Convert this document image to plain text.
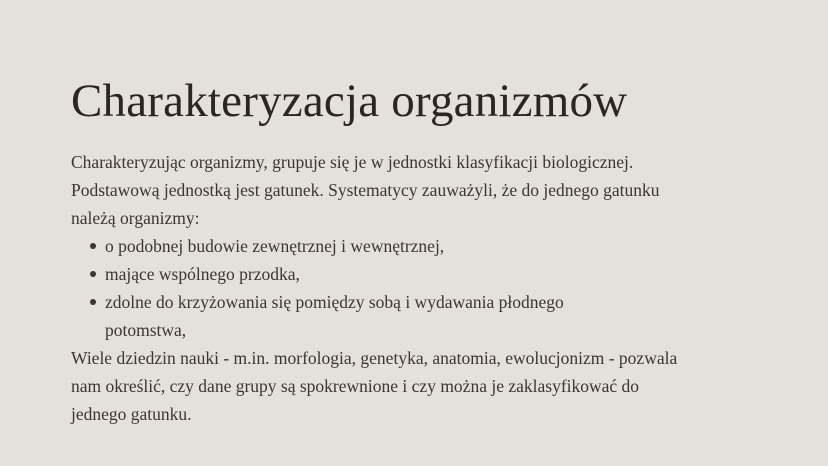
Charakteryzacja organizmów

Charakteryzując organizmy, grupuje się je w jednostki klasyfikacji biologicznej. Podstawową jednostką jest gatunek. Systematycy zauważyli, że do jednego gatunku należą organizmy:

o podobnej budowie zewnętrznej i wewnętrznej,
mające wspólnego przodka,
zdolne do krzyżowania się pomiędzy sobą i wydawania płodnego potomstwa,

Wiele dziedzin nauki - m.in. morfologia, genetyka, anatomia, ewolucjonizm - pozwala nam określić, czy dane grupy są spokrewnione i czy można je zaklasyfikować do jednego gatunku.
